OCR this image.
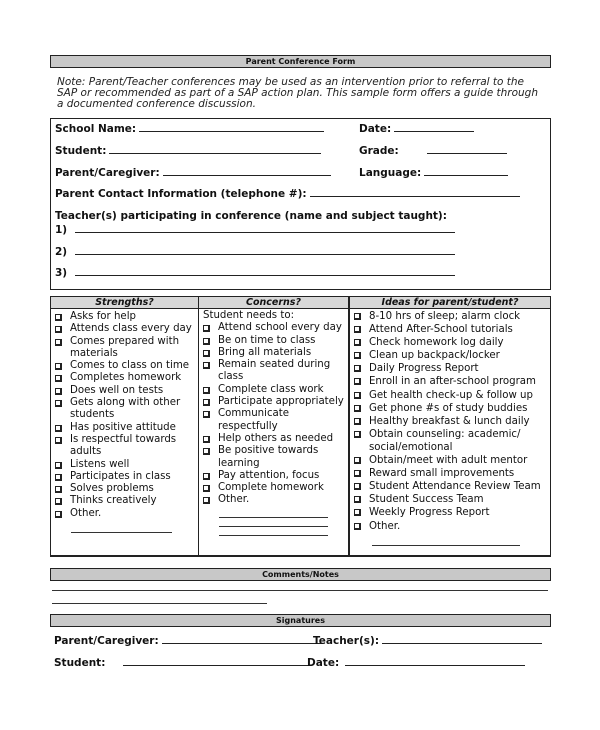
Parent Conference Form
Note: Parent/Teacher conferences may be used as an intervention prior to referral to the SAP or recommended as part of a SAP action plan. This sample form offers a guide through a documented conference discussion.
School Name:	Date:
Student:	Grade:
Parent/Caregiver:	Language:
Parent Contact Information (telephone #):
Teacher(s) participating in conference (name and subject taught):
1)
2)
3)
Strengths?
Asks for help
Attends class every day
Comes prepared with materials
Comes to class on time
Completes homework
Does well on tests
Gets along with other students
Has positive attitude
Is respectful towards adults
Listens well
Participates in class
Solves problems
Thinks creatively
Other.
Concerns?
Student needs to:
Attend school every day
Be on time to class
Bring all materials
Remain seated during class
Complete class work
Participate appropriately
Communicate respectfully
Help others as needed
Be positive towards learning
Pay attention, focus
Complete homework
Other.
Ideas for parent/student?
8-10 hrs of sleep; alarm clock
Attend After-School tutorials
Check homework log daily
Clean up backpack/locker
Daily Progress Report
Enroll in an after-school program
Get health check-up & follow up
Get phone #s of study buddies
Healthy breakfast & lunch daily
Obtain counseling: academic/ social/emotional
Obtain/meet with adult mentor
Reward small improvements
Student Attendance Review Team
Student Success Team
Weekly Progress Report
Other.
Comments/Notes
Signatures
Parent/Caregiver:	Teacher(s):
Student:	Date:
